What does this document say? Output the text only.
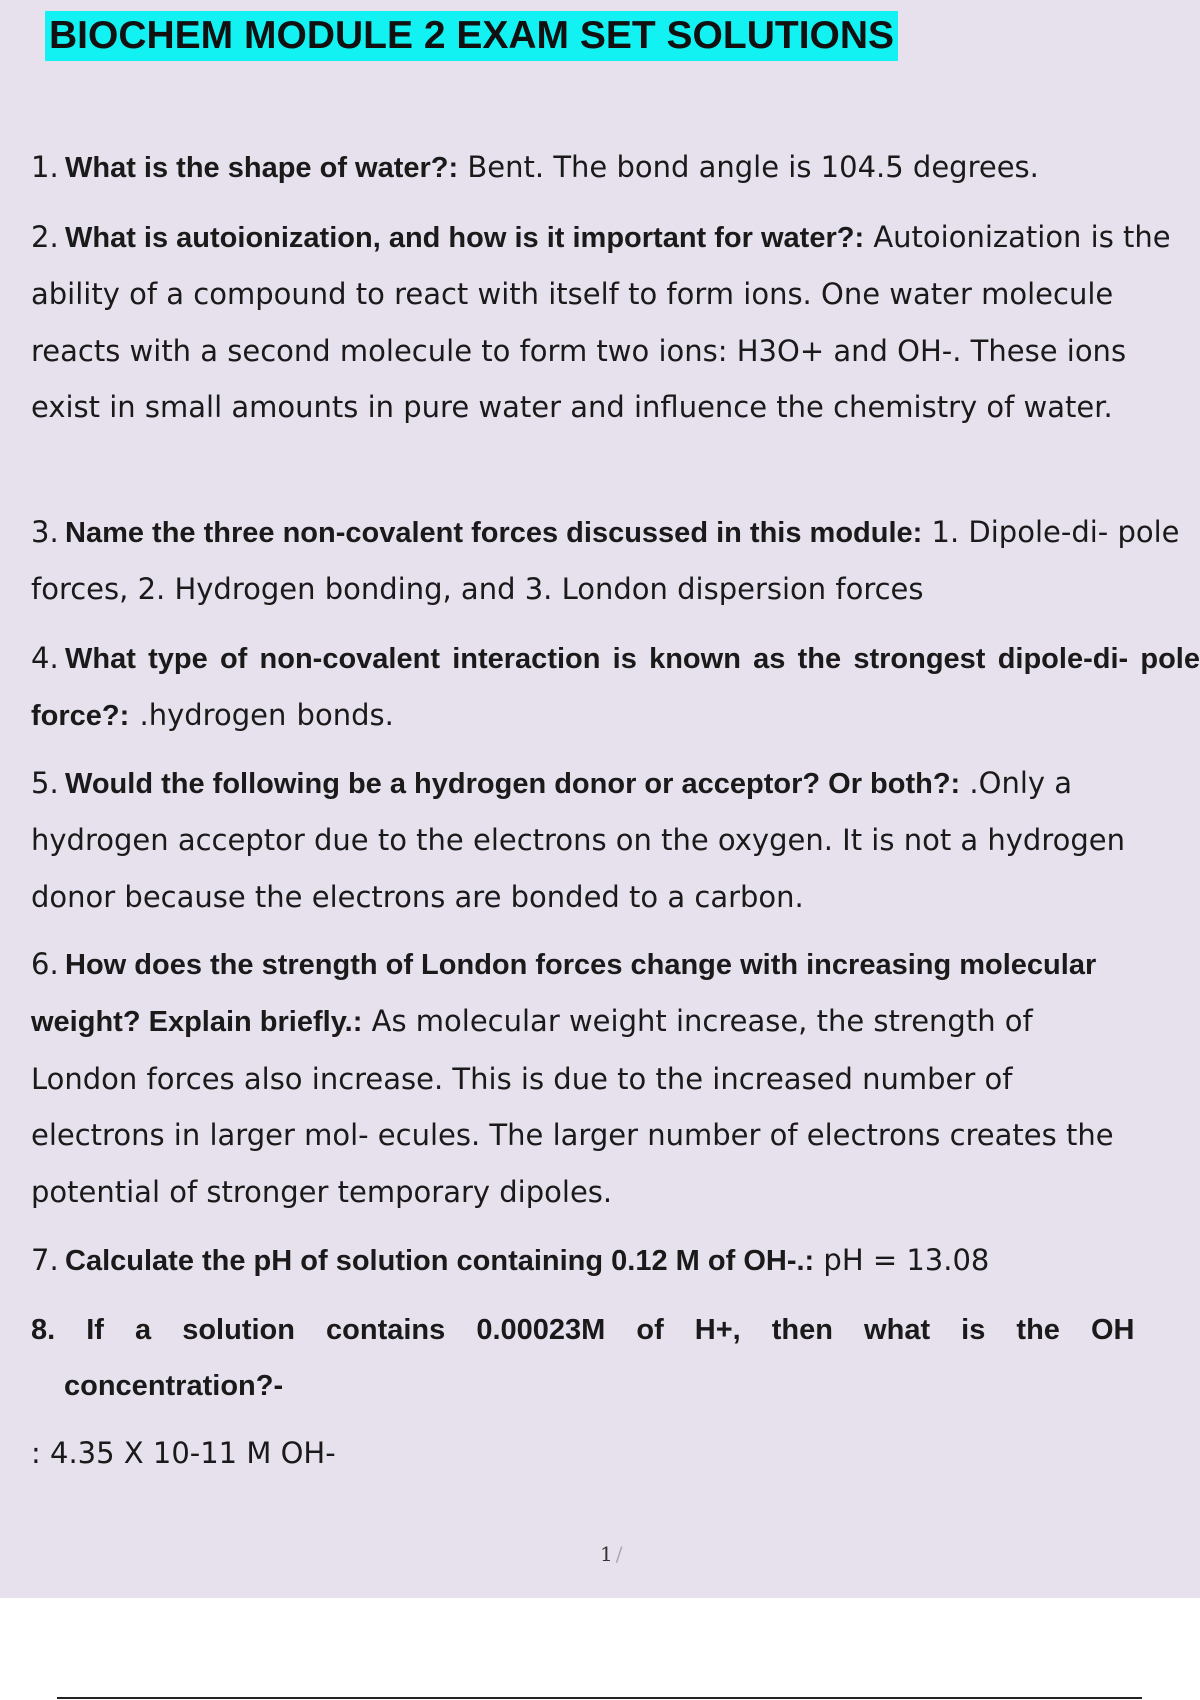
BIOCHEM MODULE 2 EXAM SET SOLUTIONS

1. What is the shape of water?: Bent. The bond angle is 104.5 degrees.

2. What is autoionization, and how is it important for water?: Autoionization is the ability of a compound to react with itself to form ions. One water molecule reacts with a second molecule to form two ions: H3O+ and OH-. These ions exist in small amounts in pure water and influence the chemistry of water.

3. Name the three non-covalent forces discussed in this module: 1. Dipole-di- pole forces, 2. Hydrogen bonding, and 3. London dispersion forces

4. What type of non-covalent interaction is known as the strongest dipole-di- pole force?: .hydrogen bonds.

5. Would the following be a hydrogen donor or acceptor? Or both?: .Only a hydrogen acceptor due to the electrons on the oxygen. It is not a hydrogen donor because the electrons are bonded to a carbon.

6. How does the strength of London forces change with increasing molecular weight? Explain briefly.: As molecular weight increase, the strength of London forces also increase. This is due to the increased number of electrons in larger mol- ecules. The larger number of electrons creates the potential of stronger temporary dipoles.

7. Calculate the pH of solution containing 0.12 M of OH-.: pH = 13.08

8. If a solution contains 0.00023M of H+, then what is the OH
concentration?-
: 4.35 X 10-11 M OH-
1 /
